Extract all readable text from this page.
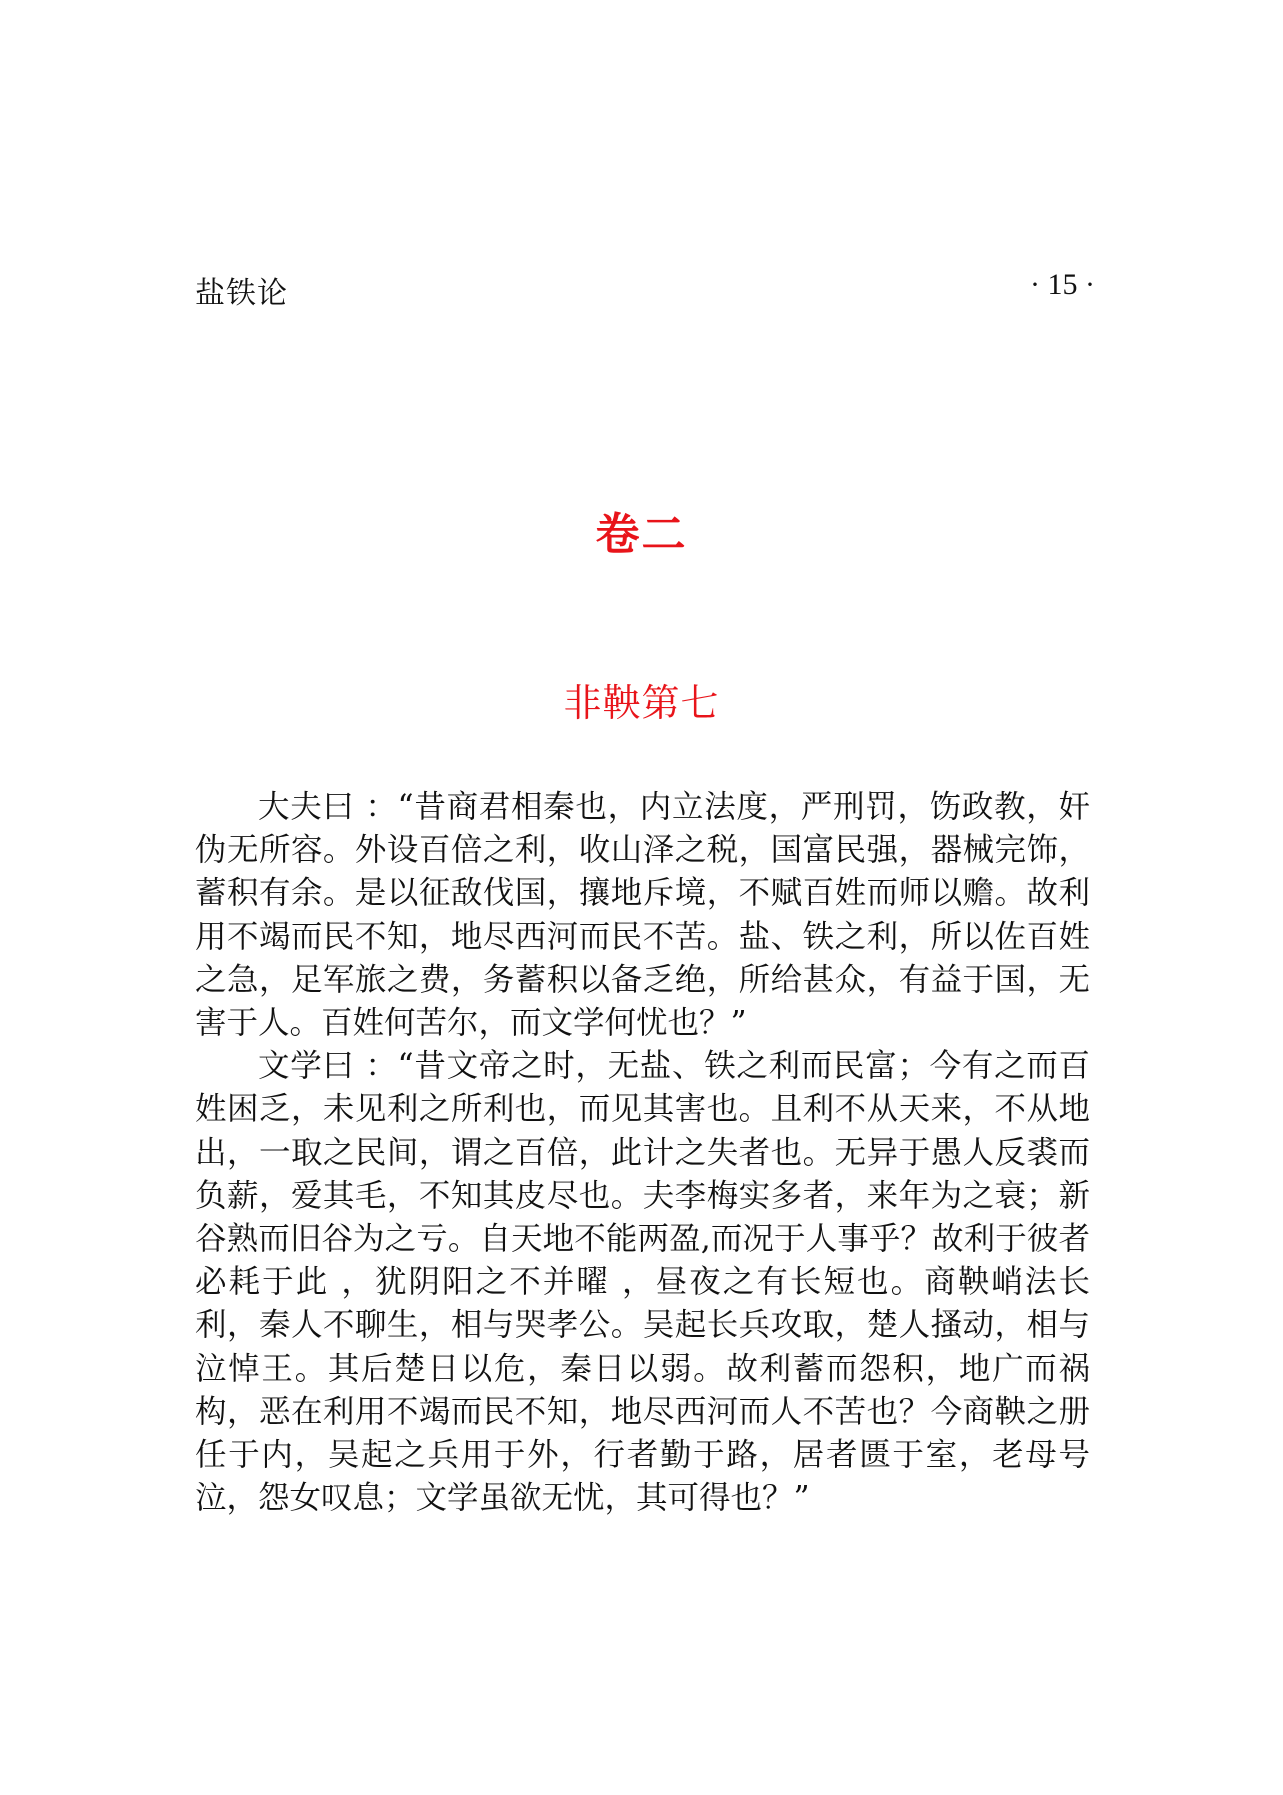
盐铁论	· 15 ·
卷二
非鞅第七

大夫曰 ：“昔商君相秦也，内立法度，严刑罚，饬政教，奸伪无所容。外设百倍之利，收山泽之税，国富民强，器械完饰，蓄积有余。是以征敌伐国，攘地斥境，不赋百姓而师以赡。故利用不竭而民不知，地尽西河而民不苦。盐、铁之利，所以佐百姓之急，足军旅之费，务蓄积以备乏绝，所给甚众，有益于国，无害于人。百姓何苦尔，而文学何忧也？”

文学曰 ：“昔文帝之时，无盐、铁之利而民富；今有之而百姓困乏，未见利之所利也，而见其害也。且利不从天来，不从地出，一取之民间，谓之百倍，此计之失者也。无异于愚人反裘而负薪，爱其毛，不知其皮尽也。夫李梅实多者，来年为之衰；新谷熟而旧谷为之亏。自天地不能两盈,而况于人事乎？故利于彼者必耗于此 ，犹阴阳之不并曜 ，昼夜之有长短也。商鞅峭法长利，秦人不聊生，相与哭孝公。吴起长兵攻取，楚人搔动，相与泣悼王。其后楚日以危，秦日以弱。故利蓄而怨积，地广而祸构，恶在利用不竭而民不知，地尽西河而人不苦也？今商鞅之册任于内，吴起之兵用于外，行者勤于路，居者匮于室，老母号泣，怨女叹息；文学虽欲无忧，其可得也？”
